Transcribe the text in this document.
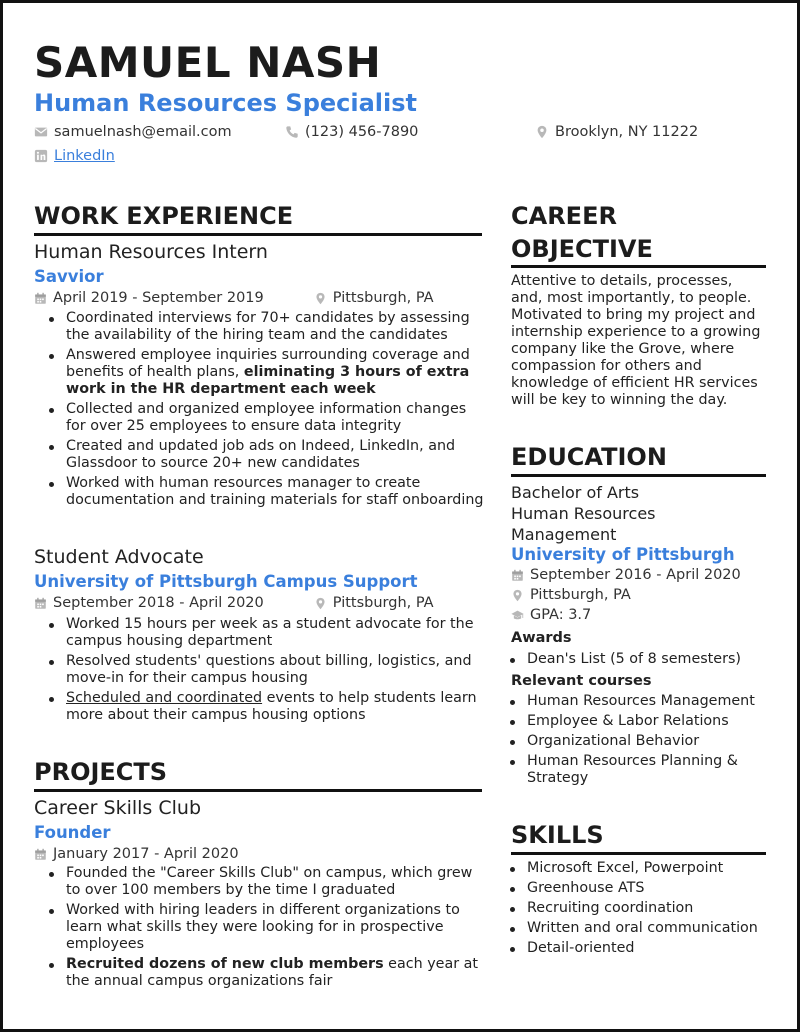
SAMUEL NASH
Human Resources Specialist
samuelnash@email.com	(123) 456-7890	Brooklyn, NY 11222
LinkedIn
WORK EXPERIENCE
Human Resources Intern
Savvior
April 2019 - September 2019	Pittsburgh, PA
Coordinated interviews for 70+ candidates by assessing the availability of the hiring team and the candidates
Answered employee inquiries surrounding coverage and benefits of health plans, eliminating 3 hours of extra work in the HR department each week
Collected and organized employee information changes for over 25 employees to ensure data integrity
Created and updated job ads on Indeed, LinkedIn, and Glassdoor to source 20+ new candidates
Worked with human resources manager to create documentation and training materials for staff onboarding
Student Advocate
University of Pittsburgh Campus Support
September 2018 - April 2020	Pittsburgh, PA
Worked 15 hours per week as a student advocate for the campus housing department
Resolved students' questions about billing, logistics, and move-in for their campus housing
Scheduled and coordinated events to help students learn more about their campus housing options
PROJECTS
Career Skills Club
Founder
January 2017 - April 2020
Founded the "Career Skills Club" on campus, which grew to over 100 members by the time I graduated
Worked with hiring leaders in different organizations to learn what skills they were looking for in prospective employees
Recruited dozens of new club members each year at the annual campus organizations fair
CAREER
OBJECTIVE
Attentive to details, processes, and, most importantly, to people. Motivated to bring my project and internship experience to a growing company like the Grove, where compassion for others and knowledge of efficient HR services will be key to winning the day.
EDUCATION
Bachelor of Arts
Human Resources
Management
University of Pittsburgh
September 2016 - April 2020
Pittsburgh, PA
GPA: 3.7
Awards
Dean's List (5 of 8 semesters)
Relevant courses
Human Resources Management
Employee & Labor Relations
Organizational Behavior
Human Resources Planning & Strategy
SKILLS
Microsoft Excel, Powerpoint
Greenhouse ATS
Recruiting coordination
Written and oral communication
Detail-oriented
